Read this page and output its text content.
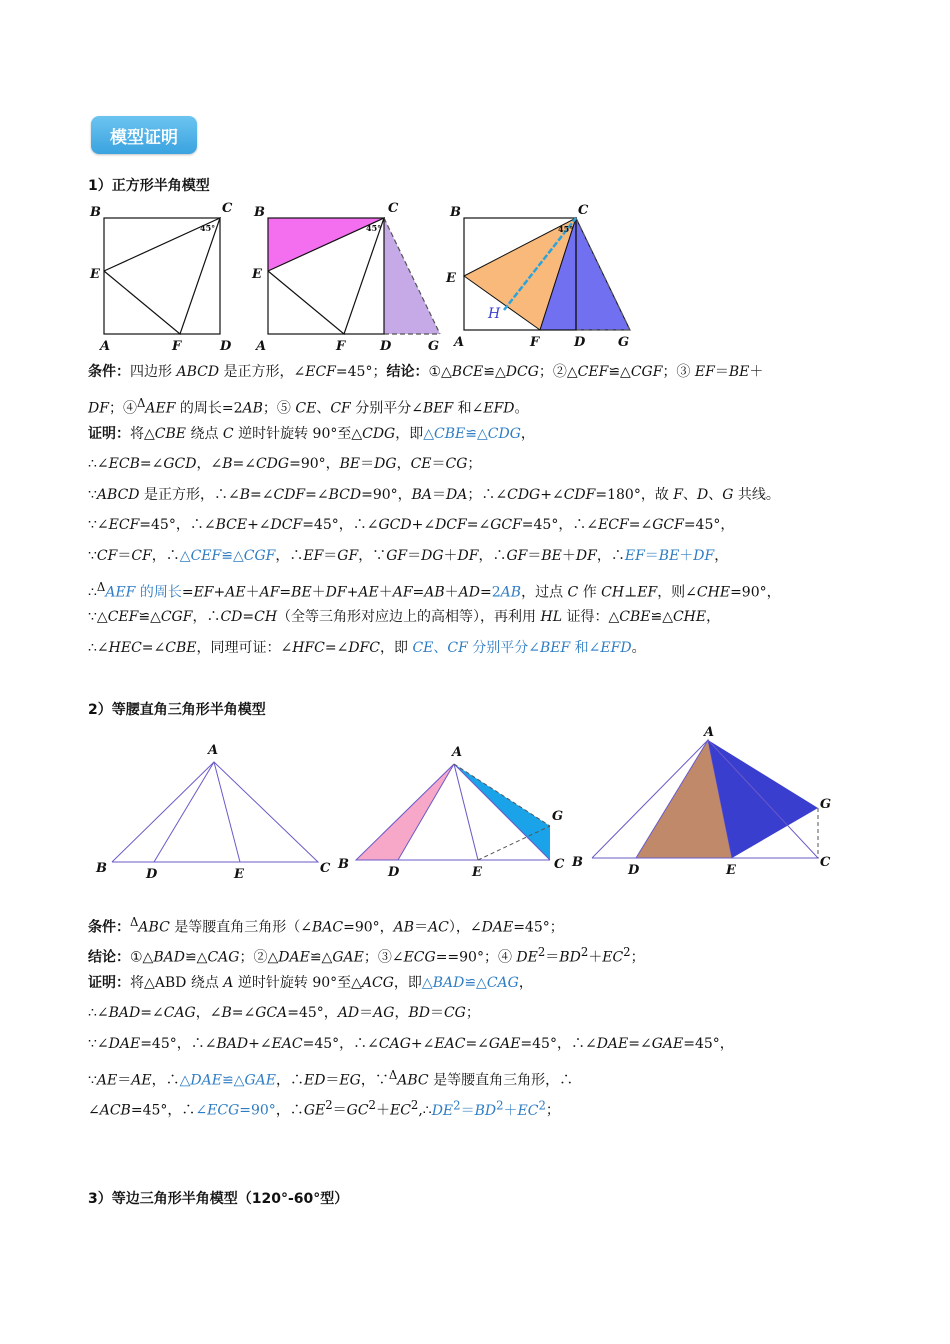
模型证明
1）正方形半角模型
B	C
E
A	F	D
45°
B	C
E
A	F	D	G
45°
B	C
E
A	F	D	G
H
45°
条件：四边形 ABCD 是正方形，∠ECF=45°；结论：①△BCE≌△DCG；②△CEF≌△CGF；③ EF＝BE＋
DF；④$^\Delta$AEF 的周长=2AB；⑤ CE、CF 分别平分∠BEF 和∠EFD。
证明：将△CBE 绕点 C 逆时针旋转 90°至△CDG，即△CBE≌△CDG，
∴∠ECB=∠GCD，∠B=∠CDG=90°，BE＝DG，CE＝CG；
∵ABCD 是正方形，∴∠B=∠CDF=∠BCD=90°，BA＝DA；∴∠CDG+∠CDF=180°，故 F、D、G 共线。
∵∠ECF=45°，∴∠BCE+∠DCF=45°，∴∠GCD+∠DCF=∠GCF=45°，∴∠ECF=∠GCF=45°，
∵CF＝CF，∴△CEF≌△CGF，∴EF＝GF，∵GF＝DG＋DF，∴GF＝BE＋DF，∴EF＝BE＋DF，
∴$^\Delta$AEF 的周长=EF+AE＋AF=BE＋DF+AE＋AF=AB＋AD=2AB，过点 C 作 CH⊥EF，则∠CHE=90°，
∵△CEF≌△CGF，∴CD=CH（全等三角形对应边上的高相等），再利用 HL 证得：△CBE≌△CHE，
∴∠HEC=∠CBE，同理可证：∠HFC=∠DFC，即 CE、CF 分别平分∠BEF 和∠EFD。
2）等腰直角三角形半角模型
A
B	D	E	C
A
B
D	E
C
G
A
B
D	E
C
G
条件：$^\Delta$ABC 是等腰直角三角形（∠BAC=90°，AB＝AC），∠DAE=45°；
结论：①△BAD≌△CAG；②△DAE≌△GAE；③∠ECG==90°；④ $DE^2=BD^2+EC^2$；
证明：将△ABD 绕点 A 逆时针旋转 90°至△ACG，即△BAD≌△CAG，
∴∠BAD=∠CAG，∠B=∠GCA=45°，AD＝AG，BD＝CG；
∵∠DAE=45°，∴∠BAD+∠EAC=45°，∴∠CAG+∠EAC=∠GAE=45°，∴∠DAE=∠GAE=45°，
∵AE＝AE，∴△DAE≌△GAE，∴ED＝EG，∵$^\Delta$ABC 是等腰直角三角形，∴
∠ACB=45°，∴∠ECG=90°，$\therefore GE^2=GC^2+EC^2,\therefore DE^2=BD^2+EC^2$；
3）等边三角形半角模型（120°-60°型）
